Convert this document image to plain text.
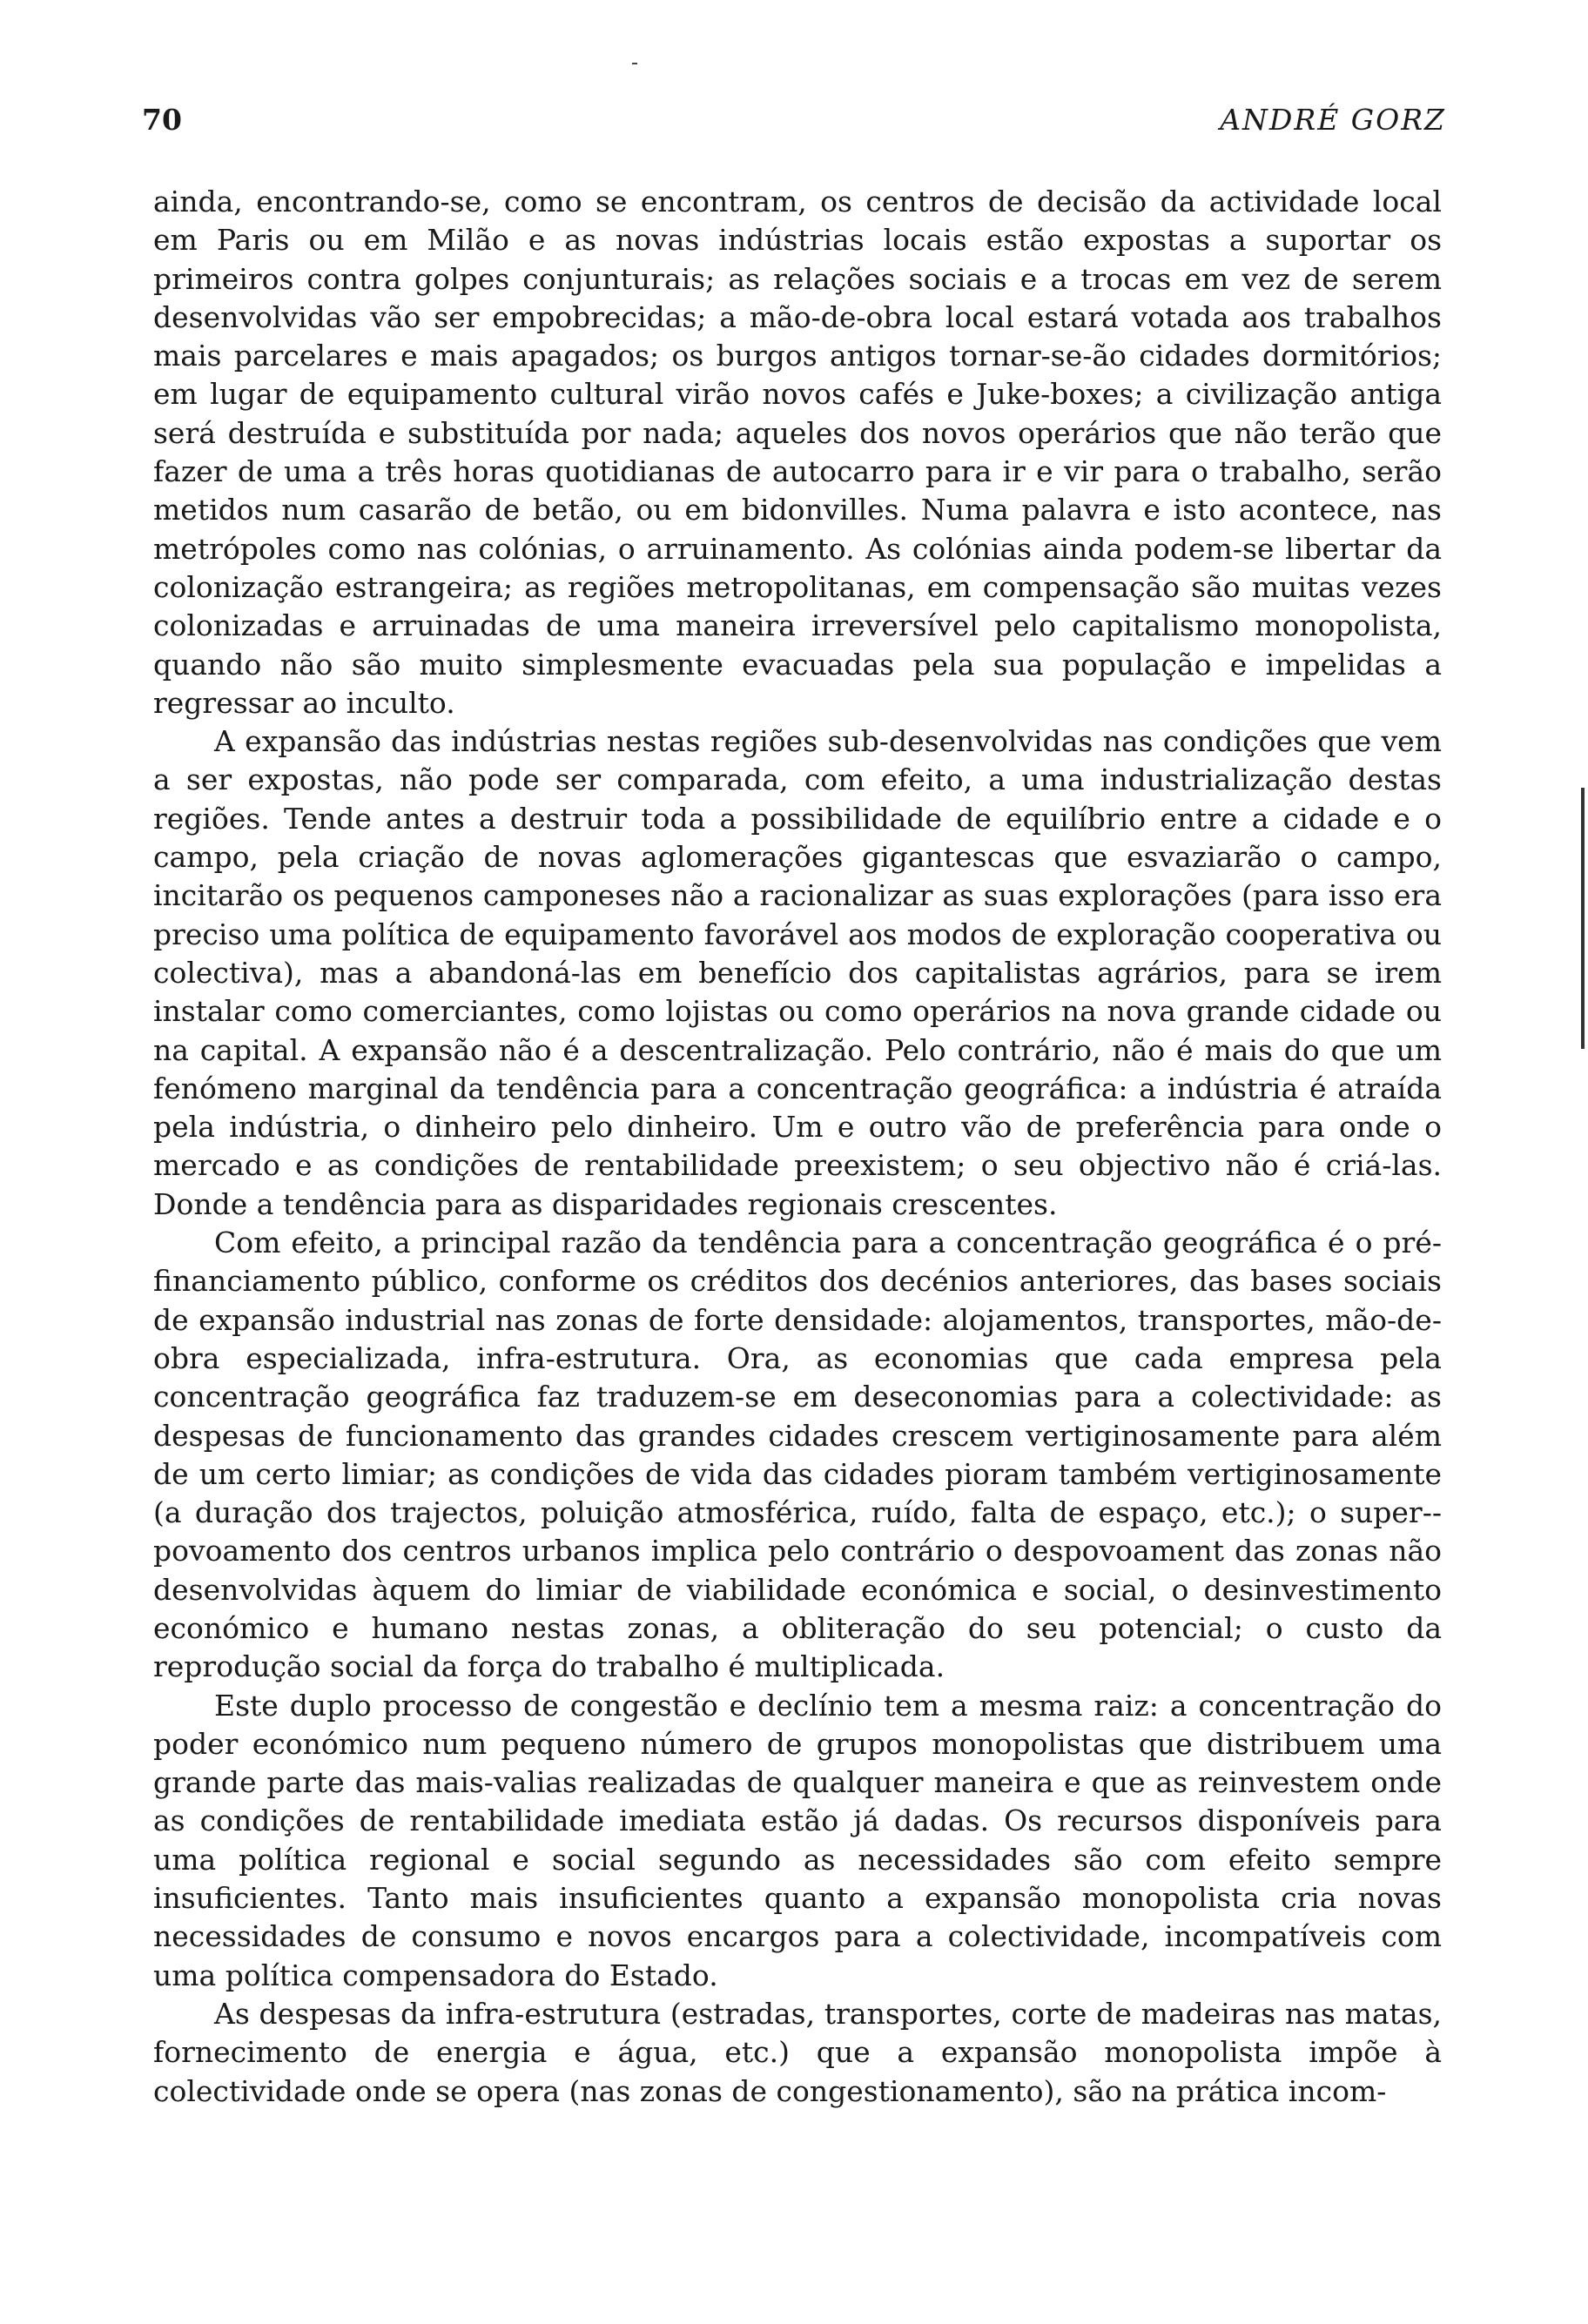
70	ANDRÉ GORZ

ainda, encontrando-se, como se encontram, os centros de decisão da actividade local em Paris ou em Milão e as novas indústrias locais estão expostas a suportar os primeiros contra golpes conjunturais; as relações sociais e a trocas em vez de serem desenvolvidas vão ser empobrecidas; a mão-de-obra local estará votada aos trabalhos mais parcelares e mais apagados; os burgos antigos tornar-se-ão cidades dormitórios; em lugar de equipamento cultural virão novos cafés e Juke-boxes; a civilização antiga será destruída e substituída por nada; aqueles dos novos operários que não terão que fazer de uma a três horas quotidianas de autocarro para ir e vir para o trabalho, serão metidos num casarão de betão, ou em bidonvilles. Numa palavra e isto acontece, nas metrópoles como nas colónias, o arruinamento. As colónias ainda podem-se libertar da colonização estrangeira; as regiões metropolitanas, em compensação são muitas vezes colonizadas e arruinadas de uma maneira irreversível pelo capitalismo monopolista, quando não são muito simplesmente evacuadas pela sua população e impelidas a regressar ao inculto.

A expansão das indústrias nestas regiões sub-desenvolvidas nas condições que vem a ser expostas, não pode ser comparada, com efeito, a uma industrialização destas regiões. Tende antes a destruir toda a possibilidade de equilíbrio entre a cidade e o campo, pela criação de novas aglomerações gigantescas que esvaziarão o campo, incitarão os pequenos camponeses não a racionalizar as suas explorações (para isso era preciso uma política de equipamento favorável aos modos de exploração cooperativa ou colectiva), mas a abandoná-las em benefício dos capitalistas agrários, para se irem instalar como comerciantes, como lojistas ou como operários na nova grande cidade ou na capital. A expansão não é a descentralização. Pelo contrário, não é mais do que um fenómeno marginal da tendência para a concentração geográfica: a indústria é atraída pela indústria, o dinheiro pelo dinheiro. Um e outro vão de preferência para onde o mercado e as condições de rentabilidade preexistem; o seu objectivo não é criá-las. Donde a tendência para as disparidades regionais crescentes.

Com efeito, a principal razão da tendência para a concentração geográfica é o pré-financiamento público, conforme os créditos dos decénios anteriores, das bases sociais de expansão industrial nas zonas de forte densidade: alojamentos, transportes, mão-de-obra especializada, infra-estrutura. Ora, as economias que cada empresa pela concentração geográfica faz traduzem-se em deseconomias para a colectividade: as despesas de funcionamento das grandes cidades crescem vertiginosamente para além de um certo limiar; as condições de vida das cidades pioram também vertiginosamente (a duração dos trajectos, poluição atmosférica, ruído, falta de espaço, etc.); o super--povoamento dos centros urbanos implica pelo contrário o despovoament das zonas não desenvolvidas àquem do limiar de viabilidade económica e social, o desinvestimento económico e humano nestas zonas, a obliteração do seu potencial; o custo da reprodução social da força do trabalho é multiplicada.

Este duplo processo de congestão e declínio tem a mesma raiz: a concentração do poder económico num pequeno número de grupos monopolistas que distribuem uma grande parte das mais-valias realizadas de qualquer maneira e que as reinvestem onde as condições de rentabilidade imediata estão já dadas. Os recursos disponíveis para uma política regional e social segundo as necessidades são com efeito sempre insuficientes. Tanto mais insuficientes quanto a expansão monopolista cria novas necessidades de consumo e novos encargos para a colectividade, incompatíveis com uma política compensadora do Estado.

As despesas da infra-estrutura (estradas, transportes, corte de madeiras nas matas, fornecimento de energia e água, etc.) que a expansão monopolista impõe à colectividade onde se opera (nas zonas de congestionamento), são na prática incom-
